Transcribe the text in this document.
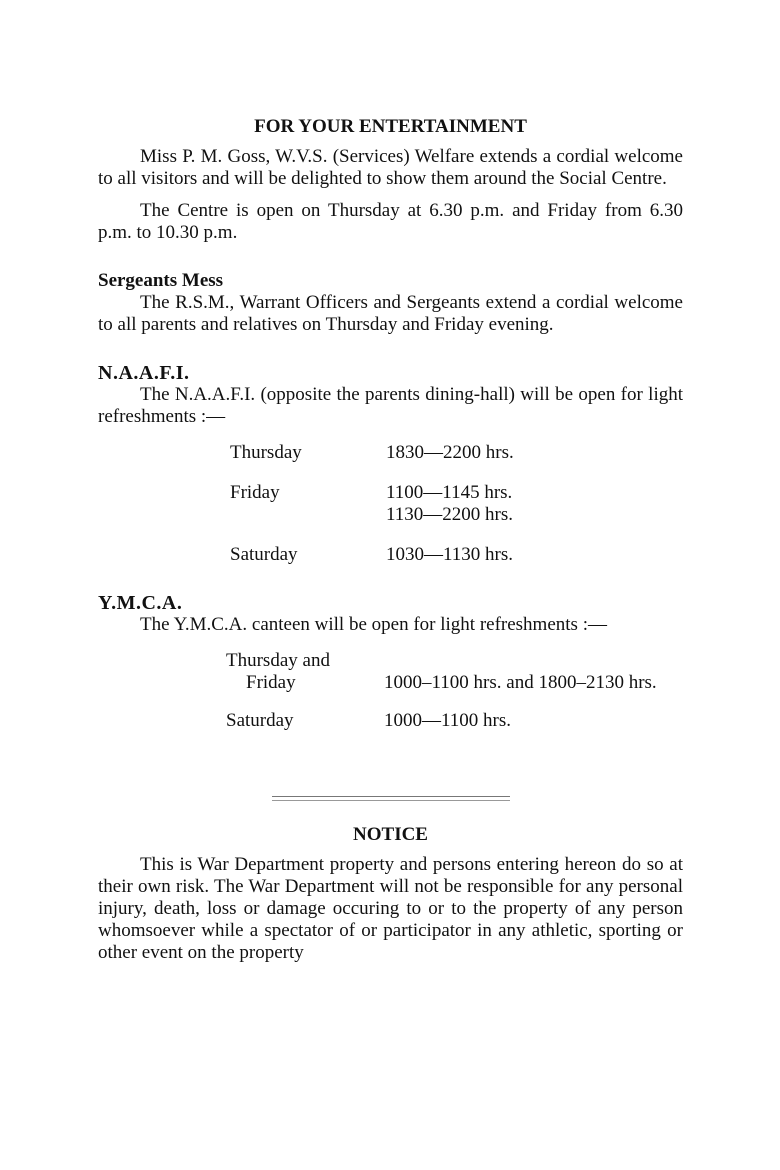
FOR YOUR ENTERTAINMENT

Miss P. M. Goss, W.V.S. (Services) Welfare extends a cordial welcome to all visitors and will be delighted to show them around the Social Centre.

The Centre is open on Thursday at 6.30 p.m. and Friday from 6.30 p.m. to 10.30 p.m.

Sergeants Mess

The R.S.M., Warrant Officers and Sergeants extend a cordial welcome to all parents and relatives on Thursday and Friday evening.

N.A.A.F.I.

The N.A.A.F.I. (opposite the parents dining-hall) will be open for light refreshments :—

Thursday	1830—2200 hrs.
Friday	1100—1145 hrs.
1130—2200 hrs.

Saturday	1030—1130 hrs.
Y.M.C.A.

The Y.M.C.A. canteen will be open for light refreshments :—

Thursday and
Friday	1000–1100 hrs. and 1800–2130 hrs.
Saturday	1000—1100 hrs.
NOTICE

This is War Department property and persons entering hereon do so at their own risk. The War Department will not be responsible for any personal injury, death, loss or damage occuring to or to the property of any person whomsoever while a spectator of or participator in any athletic, sporting or other event on the property
